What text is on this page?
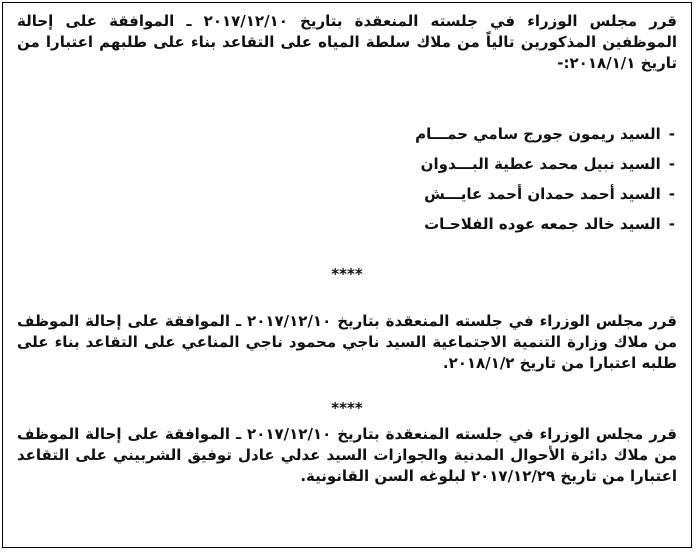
قرر مجلس الوزراء في جلسته المنعقدة بتاريخ ٢٠١٧/١٢/١٠ ـ الموافقة على إحالة الموظفين المذكورين تالياً من ملاك سلطة المياه على التقاعد بناء على طلبهم اعتبارا من تاريخ ٢٠١٨/١/١:-
-السيد ريمون جورج سامي حمـــام
-السيد نبيل محمد عطية البـــدوان
-السيد أحمد حمدان أحمد عايـــش
-السيد خالد جمعه عوده الفلاحـات
****
قرر مجلس الوزراء في جلسته المنعقدة بتاريخ ٢٠١٧/١٢/١٠ ـ الموافقة على إحالة الموظف من ملاك وزارة التنمية الاجتماعية السيد ناجي محمود ناجي المناعي على التقاعد بناء على طلبه اعتبارا من تاريخ ٢٠١٨/١/٢.
****
قرر مجلس الوزراء في جلسته المنعقدة بتاريخ ٢٠١٧/١٢/١٠ ـ الموافقة على إحالة الموظف من ملاك دائرة الأحوال المدنية والجوازات السيد عدلي عادل توفيق الشربيني على التقاعد اعتبارا من تاريخ ٢٠١٧/١٢/٢٩ لبلوغه السن القانونية.
